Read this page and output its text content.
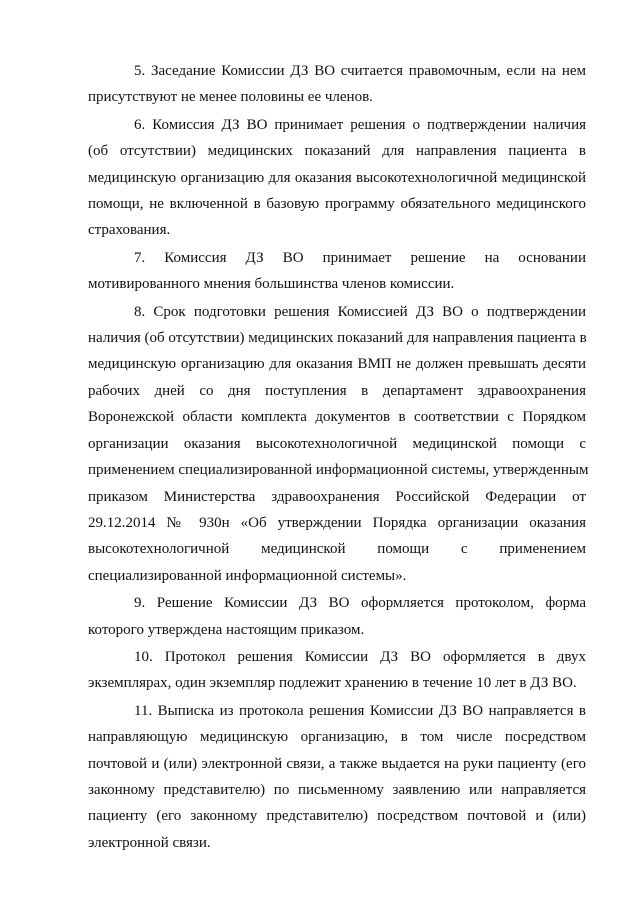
5. Заседание Комиссии ДЗ ВО считается правомочным, если на нем
присутствуют не менее половины ее членов.
6. Комиссия ДЗ ВО принимает решения о подтверждении наличия
(об отсутствии) медицинских показаний для направления пациента в
медицинскую организацию для оказания высокотехнологичной медицинской
помощи, не включенной в базовую программу обязательного медицинского
страхования.
7. Комиссия ДЗ ВО принимает решение на основании
мотивированного мнения большинства членов комиссии.
8. Срок подготовки решения Комиссией ДЗ ВО о подтверждении
наличия (об отсутствии) медицинских показаний для направления пациента в
медицинскую организацию для оказания ВМП не должен превышать десяти
рабочих дней со дня поступления в департамент здравоохранения
Воронежской области комплекта документов в соответствии с Порядком
организации оказания высокотехнологичной медицинской помощи с
применением специализированной информационной системы, утвержденным
приказом Министерства здравоохранения Российской Федерации от
29.12.2014 № 930н «Об утверждении Порядка организации оказания
высокотехнологичной медицинской помощи с применением
специализированной информационной системы».
9. Решение Комиссии ДЗ ВО оформляется протоколом, форма
которого утверждена настоящим приказом.
10. Протокол решения Комиссии ДЗ ВО оформляется в двух
экземплярах, один экземпляр подлежит хранению в течение 10 лет в ДЗ ВО.
11. Выписка из протокола решения Комиссии ДЗ ВО направляется в
направляющую медицинскую организацию, в том числе посредством
почтовой и (или) электронной связи, а также выдается на руки пациенту (его
законному представителю) по письменному заявлению или направляется
пациенту (его законному представителю) посредством почтовой и (или)
электронной связи.
